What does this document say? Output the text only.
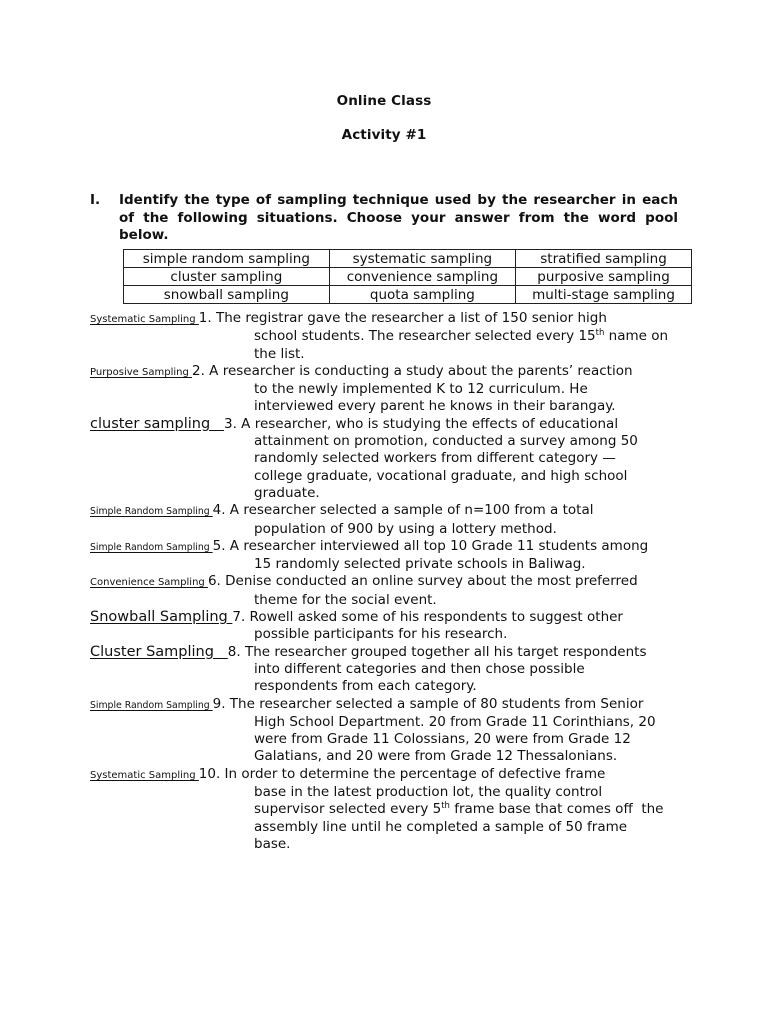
Online Class
Activity #1
I. Identify the type of sampling technique used by the researcher in each of the following situations. Choose your answer from the word pool below.
simple random sampling	systematic sampling	stratified sampling
cluster sampling	convenience sampling	purposive sampling
snowball sampling	quota sampling	multi-stage sampling
Systematic Sampling 1. The registrar gave the researcher a list of 150 senior high
school students. The researcher selected every 15th name on
the list.
Purposive Sampling 2. A researcher is conducting a study about the parents’ reaction
to the newly implemented K to 12 curriculum. He
interviewed every parent he knows in their barangay.
cluster sampling   3. A researcher, who is studying the effects of educational
attainment on promotion, conducted a survey among 50
randomly selected workers from different category —
college graduate, vocational graduate, and high school
graduate.
Simple Random Sampling 4. A researcher selected a sample of n=100 from a total
population of 900 by using a lottery method.
Simple Random Sampling 5. A researcher interviewed all top 10 Grade 11 students among
15 randomly selected private schools in Baliwag.
Convenience Sampling 6. Denise conducted an online survey about the most preferred
theme for the social event.
Snowball Sampling 7. Rowell asked some of his respondents to suggest other
possible participants for his research.
Cluster Sampling   8. The researcher grouped together all his target respondents
into different categories and then chose possible
respondents from each category.
Simple Random Sampling 9. The researcher selected a sample of 80 students from Senior
High School Department. 20 from Grade 11 Corinthians, 20
were from Grade 11 Colossians, 20 were from Grade 12
Galatians, and 20 were from Grade 12 Thessalonians.
Systematic Sampling 10. In order to determine the percentage of defective frame
base in the latest production lot, the quality control
supervisor selected every 5th frame base that comes off  the
assembly line until he completed a sample of 50 frame
base.
